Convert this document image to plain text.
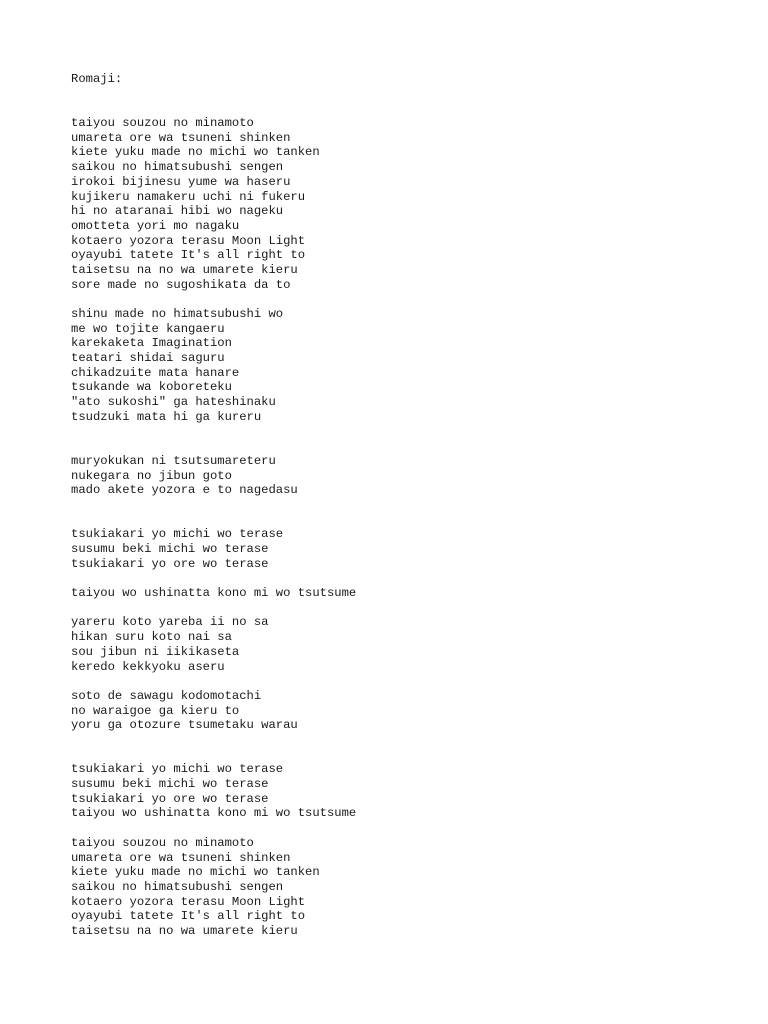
Romaji:
taiyou souzou no minamoto
umareta ore wa tsuneni shinken
kiete yuku made no michi wo tanken
saikou no himatsubushi sengen
irokoi bijinesu yume wa haseru
kujikeru namakeru uchi ni fukeru
hi no ataranai hibi wo nageku
omotteta yori mo nagaku
kotaero yozora terasu Moon Light
oyayubi tatete It's all right to
taisetsu na no wa umarete kieru
sore made no sugoshikata da to
shinu made no himatsubushi wo
me wo tojite kangaeru
karekaketa Imagination
teatari shidai saguru
chikadzuite mata hanare
tsukande wa koboreteku
"ato sukoshi" ga hateshinaku
tsudzuki mata hi ga kureru
muryokukan ni tsutsumareteru
nukegara no jibun goto
mado akete yozora e to nagedasu
tsukiakari yo michi wo terase
susumu beki michi wo terase
tsukiakari yo ore wo terase
taiyou wo ushinatta kono mi wo tsutsume
yareru koto yareba ii no sa
hikan suru koto nai sa
sou jibun ni iikikaseta
keredo kekkyoku aseru
soto de sawagu kodomotachi
no waraigoe ga kieru to
yoru ga otozure tsumetaku warau
tsukiakari yo michi wo terase
susumu beki michi wo terase
tsukiakari yo ore wo terase
taiyou wo ushinatta kono mi wo tsutsume
taiyou souzou no minamoto
umareta ore wa tsuneni shinken
kiete yuku made no michi wo tanken
saikou no himatsubushi sengen
kotaero yozora terasu Moon Light
oyayubi tatete It's all right to
taisetsu na no wa umarete kieru
